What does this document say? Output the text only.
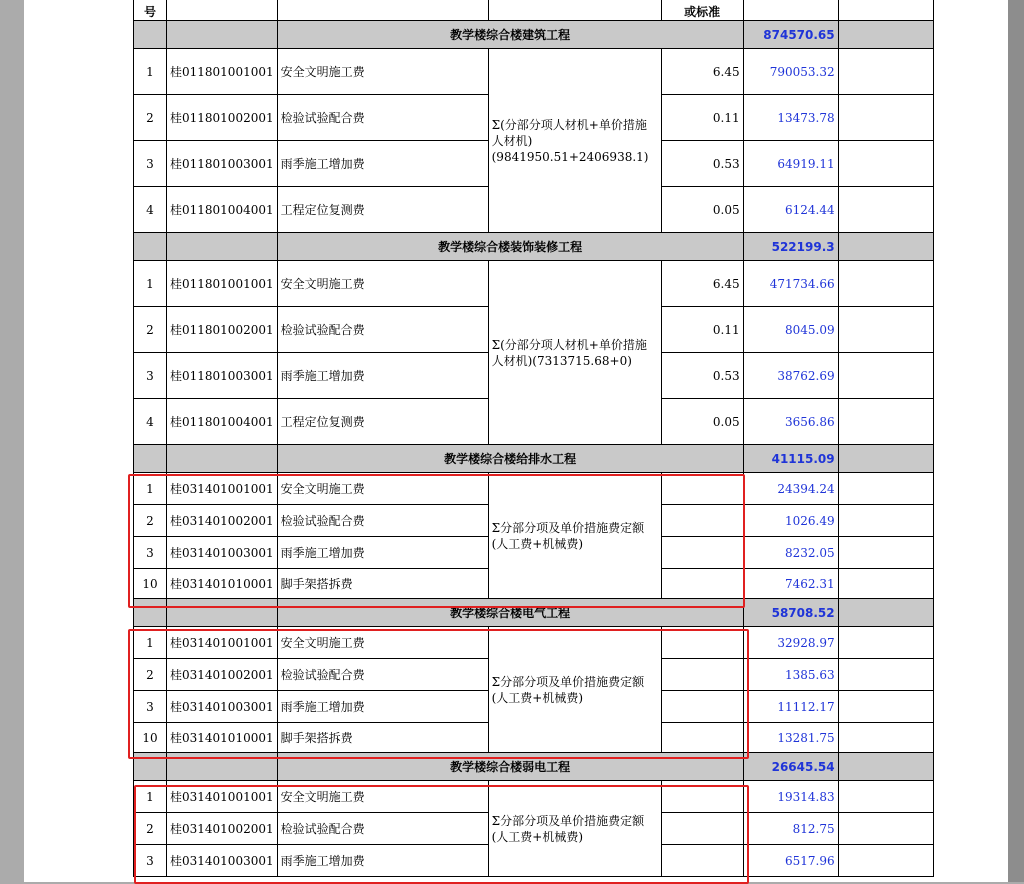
号				或标准		
		教学楼综合楼建筑工程			874570.65	
1	桂011801001001	安全文明施工费	Σ(分部分项人材机+单价措施人材机)(9841950.51+2406938.1)	6.45	790053.32	
2	桂011801002001	检验试验配合费		0.11	13473.78	
3	桂011801003001	雨季施工增加费		0.53	64919.11	
4	桂011801004001	工程定位复测费		0.05	6124.44	
		教学楼综合楼装饰装修工程			522199.3	
1	桂011801001001	安全文明施工费	Σ(分部分项人材机+单价措施人材机)(7313715.68+0)	6.45	471734.66	
2	桂011801002001	检验试验配合费		0.11	8045.09	
3	桂011801003001	雨季施工增加费		0.53	38762.69	
4	桂011801004001	工程定位复测费		0.05	3656.86	
		教学楼综合楼给排水工程			41115.09	
1	桂031401001001	安全文明施工费	Σ分部分项及单价措施费定额(人工费+机械费)		24394.24	
2	桂031401002001	检验试验配合费			1026.49	
3	桂031401003001	雨季施工增加费			8232.05	
10	桂031401010001	脚手架搭拆费			7462.31	
		教学楼综合楼电气工程			58708.52	
1	桂031401001001	安全文明施工费	Σ分部分项及单价措施费定额(人工费+机械费)		32928.97	
2	桂031401002001	检验试验配合费			1385.63	
3	桂031401003001	雨季施工增加费			11112.17	
10	桂031401010001	脚手架搭拆费			13281.75	
		教学楼综合楼弱电工程			26645.54	
1	桂031401001001	安全文明施工费	Σ分部分项及单价措施费定额(人工费+机械费)		19314.83	
2	桂031401002001	检验试验配合费			812.75	
3	桂031401003001	雨季施工增加费			6517.96	
